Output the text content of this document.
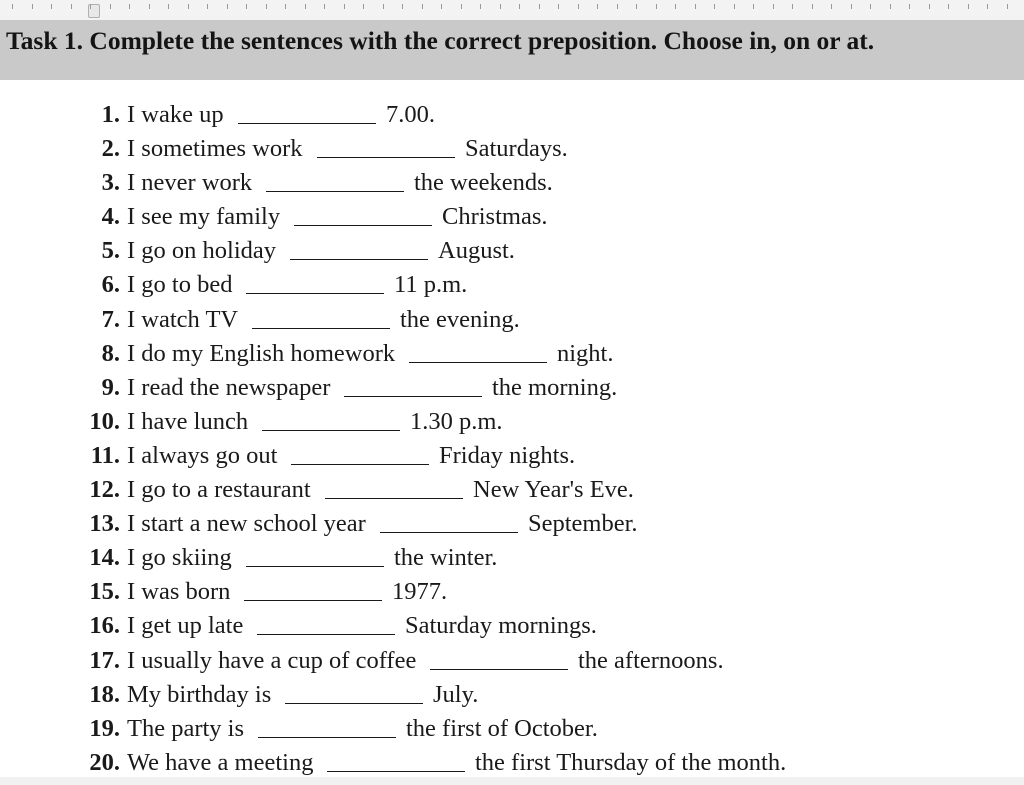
Task 1. Complete the sentences with the correct preposition. Choose in, on or at.
1. I wake up	7.00.
2. I sometimes work	Saturdays.
3. I never work	the weekends.
4. I see my family	Christmas.
5. I go on holiday	August.
6. I go to bed	11 p.m.
7. I watch TV	the evening.
8. I do my English homework	night.
9. I read the newspaper	the morning.
10. I have lunch	1.30 p.m.
11. I always go out	Friday nights.
12. I go to a restaurant	New Year's Eve.
13. I start a new school year	September.
14. I go skiing	the winter.
15. I was born	1977.
16. I get up late	Saturday mornings.
17. I usually have a cup of coffee	the afternoons.
18. My birthday is	July.
19. The party is	the first of October.
20. We have a meeting	the first Thursday of the month.
